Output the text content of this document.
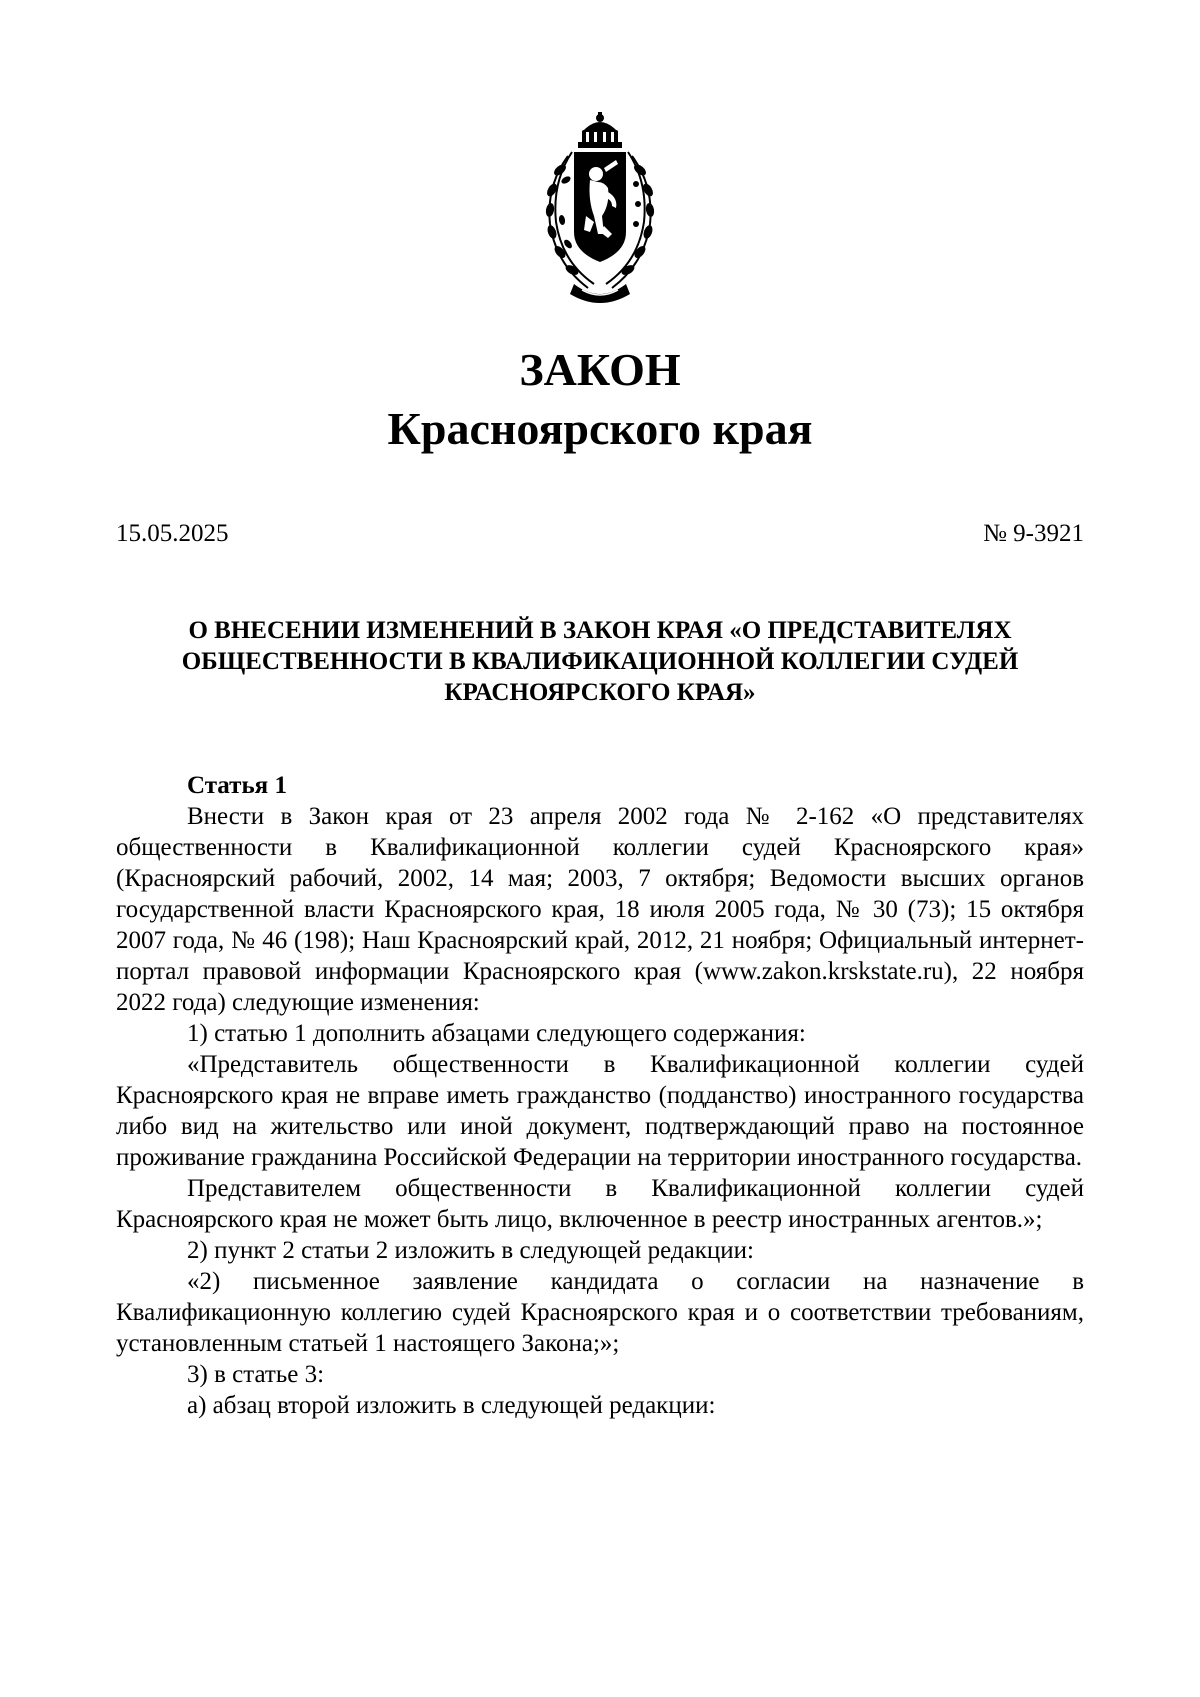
ЗАКОН
Красноярского края
15.05.2025	№ 9-3921
О ВНЕСЕНИИ ИЗМЕНЕНИЙ В ЗАКОН КРАЯ «О ПРЕДСТАВИТЕЛЯХ
ОБЩЕСТВЕННОСТИ В КВАЛИФИКАЦИОННОЙ КОЛЛЕГИИ СУДЕЙ
КРАСНОЯРСКОГО КРАЯ»

Статья 1

Внести в Закон края от 23 апреля 2002 года № 2-162 «О представителях общественности в Квалификационной коллегии судей Красноярского края» (Красноярский рабочий, 2002, 14 мая; 2003, 7 октября; Ведомости высших органов государственной власти Красноярского края, 18 июля 2005 года, № 30 (73); 15 октября 2007 года, № 46 (198); Наш Красноярский край, 2012, 21 ноября; Официальный интернет-портал правовой информации Красноярского края (www.zakon.krskstate.ru), 22 ноября 2022 года) следующие изменения:

1) статью 1 дополнить абзацами следующего содержания:

«Представитель общественности в Квалификационной коллегии судей Красноярского края не вправе иметь гражданство (подданство) иностранного государства либо вид на жительство или иной документ, подтверждающий право на постоянное проживание гражданина Российской Федерации на территории иностранного государства.

Представителем общественности в Квалификационной коллегии судей Красноярского края не может быть лицо, включенное в реестр иностранных агентов.»;

2) пункт 2 статьи 2 изложить в следующей редакции:

«2) письменное заявление кандидата о согласии на назначение в Квалификационную коллегию судей Красноярского края и о соответствии требованиям, установленным статьей 1 настоящего Закона;»;

3) в статье 3:

а) абзац второй изложить в следующей редакции:
